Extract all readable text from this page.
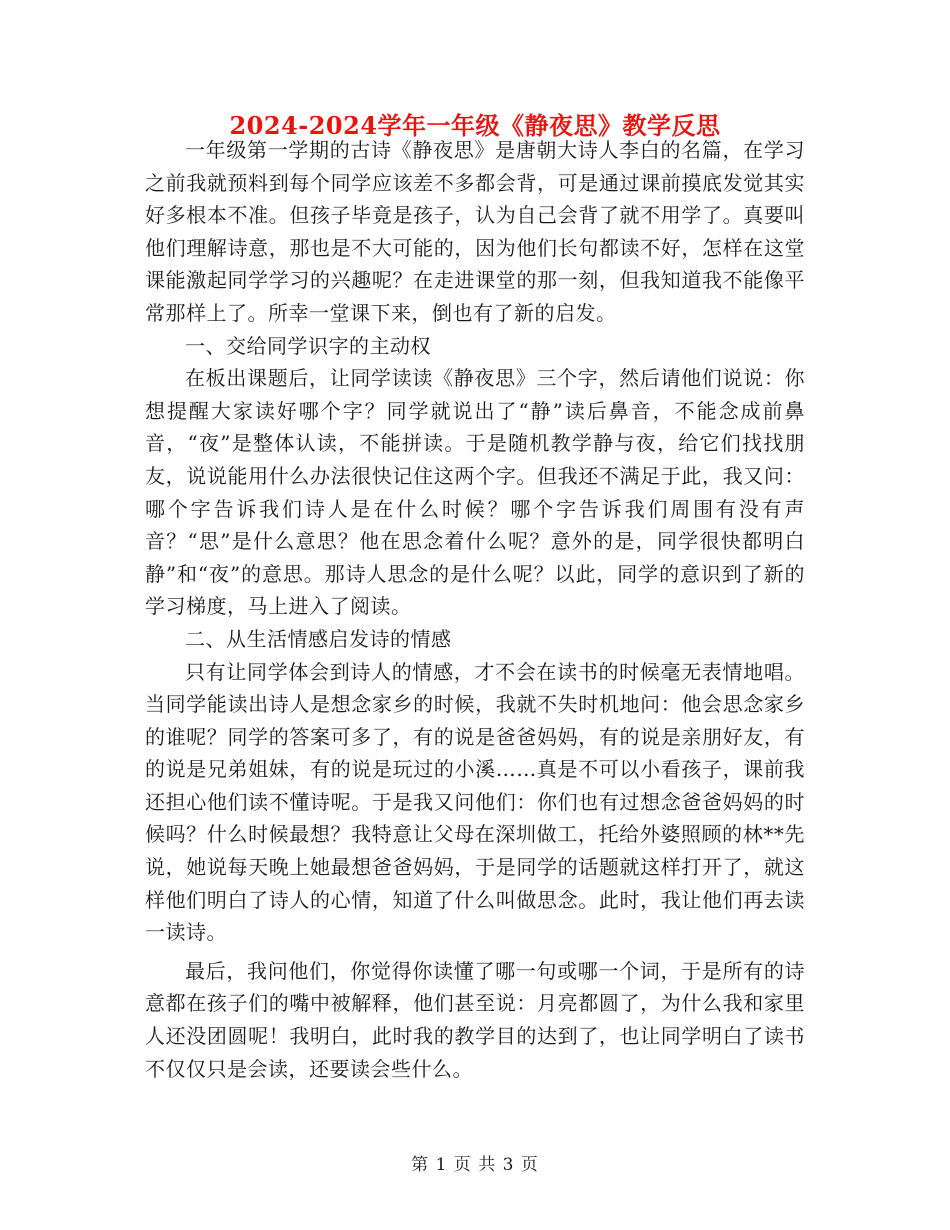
2024-2024学年一年级《静夜思》教学反思

一年级第一学期的古诗《静夜思》是唐朝大诗人李白的名篇，在学习之前我就预料到每个同学应该差不多都会背，可是通过课前摸底发觉其实好多根本不准。但孩子毕竟是孩子，认为自己会背了就不用学了。真要叫他们理解诗意，那也是不大可能的，因为他们长句都读不好，怎样在这堂课能激起同学学习的兴趣呢？在走进课堂的那一刻，但我知道我不能像平常那样上了。所幸一堂课下来，倒也有了新的启发。

一、交给同学识字的主动权

在板出课题后，让同学读读《静夜思》三个字，然后请他们说说：你想提醒大家读好哪个字？同学就说出了“静”读后鼻音，不能念成前鼻音，“夜”是整体认读，不能拼读。于是随机教学静与夜，给它们找找朋友，说说能用什么办法很快记住这两个字。但我还不满足于此，我又问：哪个字告诉我们诗人是在什么时候？哪个字告诉我们周围有没有声音？“思”是什么意思？他在思念着什么呢？意外的是，同学很快都明白静”和“夜”的意思。那诗人思念的是什么呢？以此，同学的意识到了新的学习梯度，马上进入了阅读。

二、从生活情感启发诗的情感

只有让同学体会到诗人的情感，才不会在读书的时候毫无表情地唱。当同学能读出诗人是想念家乡的时候，我就不失时机地问：他会思念家乡的谁呢？同学的答案可多了，有的说是爸爸妈妈，有的说是亲朋好友，有的说是兄弟姐妹，有的说是玩过的小溪……真是不可以小看孩子，课前我还担心他们读不懂诗呢。于是我又问他们：你们也有过想念爸爸妈妈的时候吗？什么时候最想？我特意让父母在深圳做工，托给外婆照顾的林**先说，她说每天晚上她最想爸爸妈妈，于是同学的话题就这样打开了，就这样他们明白了诗人的心情，知道了什么叫做思念。此时，我让他们再去读一读诗。

最后，我问他们，你觉得你读懂了哪一句或哪一个词，于是所有的诗意都在孩子们的嘴中被解释，他们甚至说：月亮都圆了，为什么我和家里人还没团圆呢！我明白，此时我的教学目的达到了，也让同学明白了读书不仅仅只是会读，还要读会些什么。

第 1 页 共 3 页
